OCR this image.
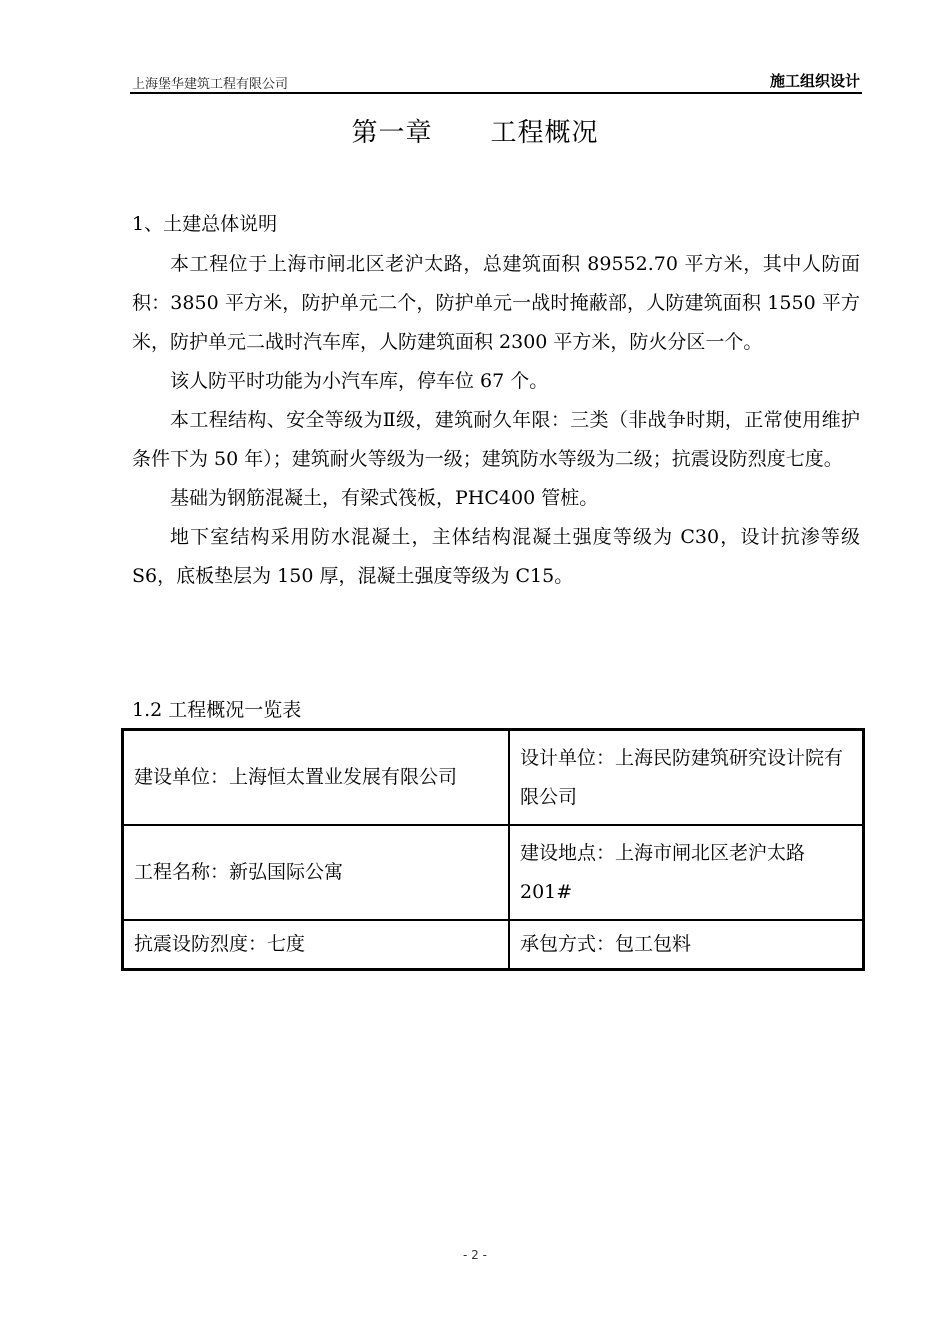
上海堡华建筑工程有限公司	施工组织设计
第一章 工程概况
1、土建总体说明

本工程位于上海市闸北区老沪太路，总建筑面积 89552.70 平方米，其中人防面积：3850 平方米，防护单元二个，防护单元一战时掩蔽部，人防建筑面积 1550 平方米，防护单元二战时汽车库，人防建筑面积 2300 平方米，防火分区一个。

该人防平时功能为小汽车库，停车位 67 个。

本工程结构、安全等级为Ⅱ级，建筑耐久年限：三类（非战争时期，正常使用维护条件下为 50 年）；建筑耐火等级为一级；建筑防水等级为二级；抗震设防烈度七度。

基础为钢筋混凝土，有梁式筏板，PHC400 管桩。

地下室结构采用防水混凝土，主体结构混凝土强度等级为 C30，设计抗渗等级 S6，底板垫层为 150 厚，混凝土强度等级为 C15。

1.2 工程概况一览表
建设单位：上海恒太置业发展有限公司	设计单位：上海民防建筑研究设计院有限公司
工程名称：新弘国际公寓	建设地点：上海市闸北区老沪太路 201#
抗震设防烈度：七度	承包方式：包工包料
- 2 -
